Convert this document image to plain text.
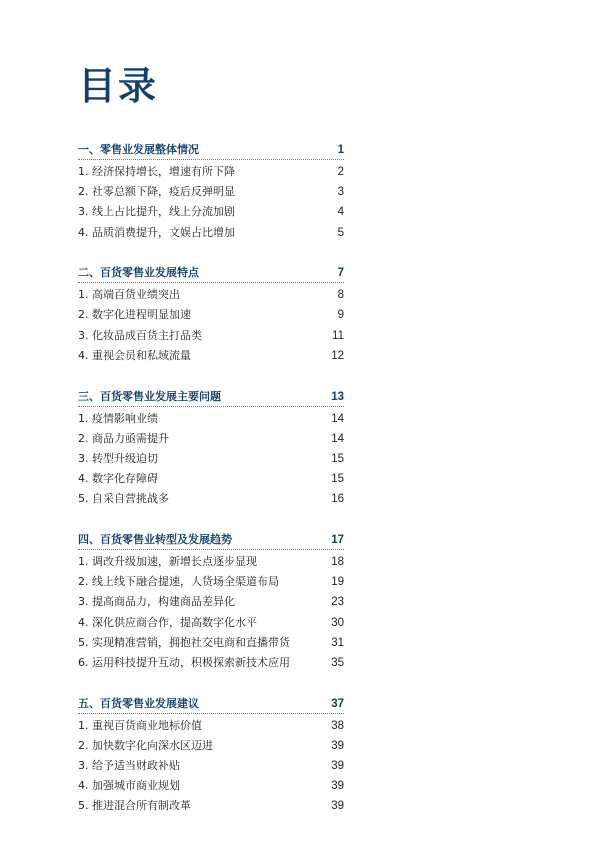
目录
一、零售业发展整体情况	1
1. 经济保持增长，增速有所下降	2
2. 社零总额下降，疫后反弹明显	3
3. 线上占比提升，线上分流加剧	4
4. 品质消费提升，文娱占比增加	5
二、百货零售业发展特点	7
1. 高端百货业绩突出	8
2. 数字化进程明显加速	9
3. 化妆品成百货主打品类	11
4. 重视会员和私域流量	12
三、百货零售业发展主要问题	13
1. 疫情影响业绩	14
2. 商品力亟需提升	14
3. 转型升级迫切	15
4. 数字化存障碍	15
5. 自采自营挑战多	16
四、百货零售业转型及发展趋势	17
1. 调改升级加速，新增长点逐步显现	18
2. 线上线下融合提速，人货场全渠道布局	19
3. 提高商品力，构建商品差异化	23
4. 深化供应商合作，提高数字化水平	30
5. 实现精准营销，拥抱社交电商和直播带货	31
6. 运用科技提升互动，积极探索新技术应用	35
五、百货零售业发展建议	37
1. 重视百货商业地标价值	38
2. 加快数字化向深水区迈进	39
3. 给予适当财政补贴	39
4. 加强城市商业规划	39
5. 推进混合所有制改革	39
